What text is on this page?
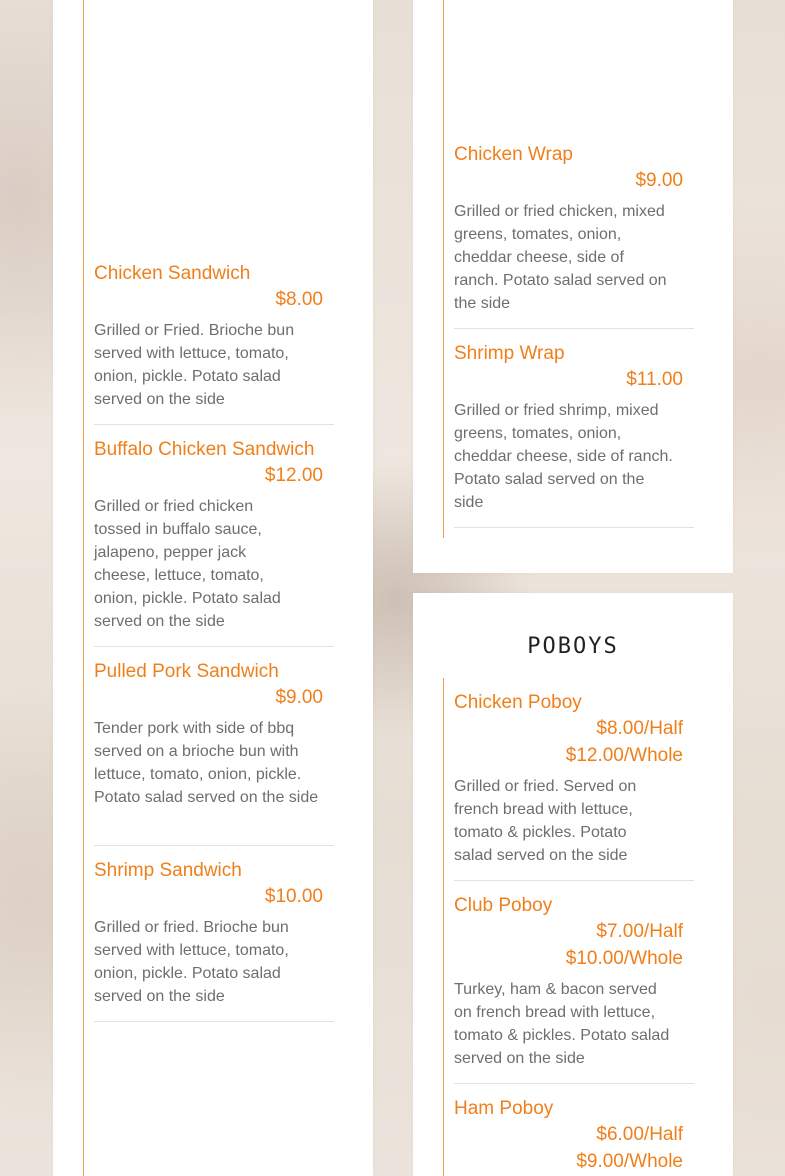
Chicken Sandwich

$8.00

Grilled or Fried. Brioche bun served with lettuce, tomato, onion, pickle. Potato salad served on the side

Buffalo Chicken Sandwich

$12.00

Grilled or fried chicken tossed in buffalo sauce, jalapeno, pepper jack cheese, lettuce, tomato, onion, pickle. Potato salad served on the side

Pulled Pork Sandwich

$9.00

Tender pork with side of bbq served on a brioche bun with lettuce, tomato, onion, pickle. Potato salad served on the side

Shrimp Sandwich

$10.00

Grilled or fried. Brioche bun served with lettuce, tomato, onion, pickle. Potato salad served on the side

Chicken Wrap

$9.00

Grilled or fried chicken, mixed greens, tomates, onion, cheddar cheese, side of ranch. Potato salad served on the side

Shrimp Wrap

$11.00

Grilled or fried shrimp, mixed greens, tomates, onion, cheddar cheese, side of ranch. Potato salad served on the side
POBOYS

Chicken Poboy

$8.00/Half

$12.00/Whole

Grilled or fried. Served on french bread with lettuce, tomato & pickles. Potato salad served on the side

Club Poboy

$7.00/Half

$10.00/Whole

Turkey, ham & bacon served on french bread with lettuce, tomato & pickles. Potato salad served on the side

Ham Poboy

$6.00/Half

$9.00/Whole
